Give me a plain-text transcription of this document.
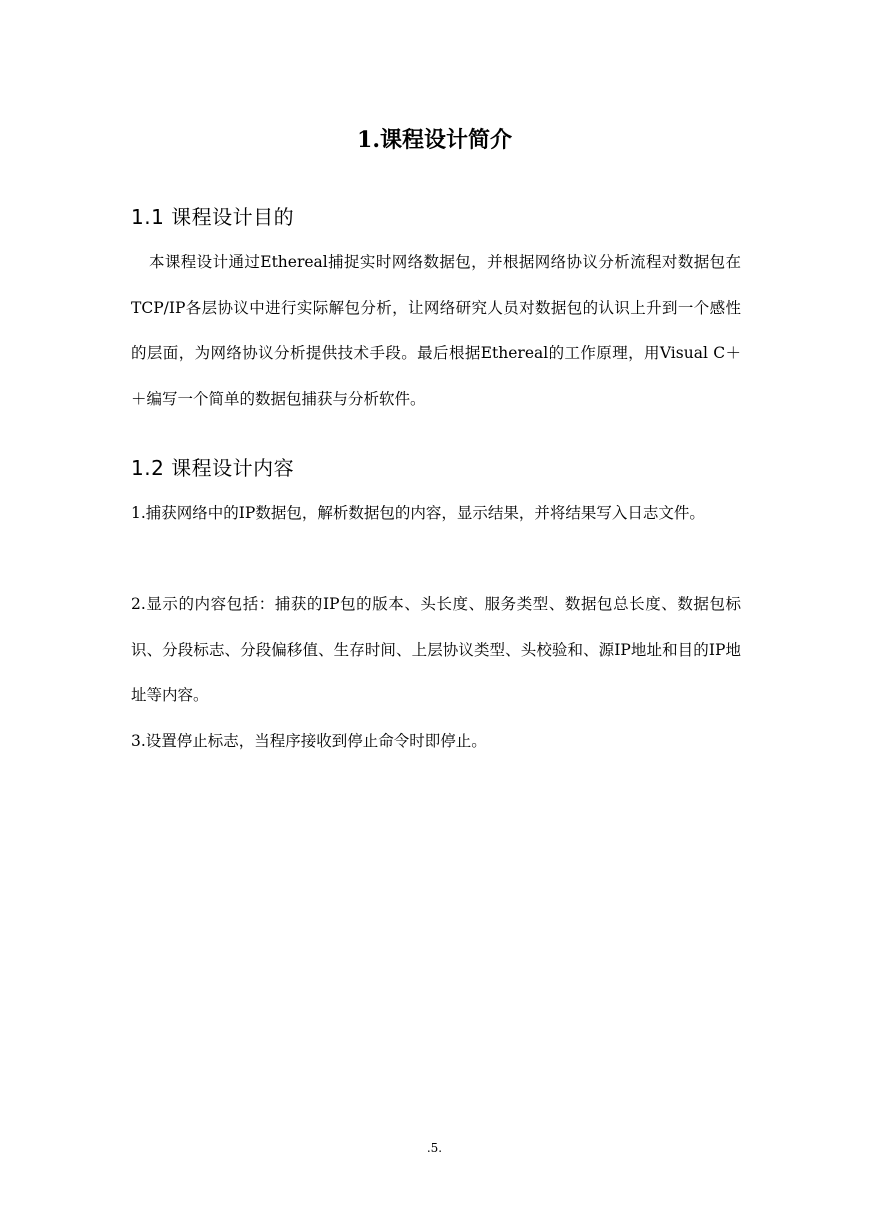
1.课程设计简介
1.1 课程设计目的

本课程设计通过Ethereal捕捉实时网络数据包，并根据网络协议分析流程对数据包在TCP/IP各层协议中进行实际解包分析，让网络研究人员对数据包的认识上升到一个感性的层面，为网络协议分析提供技术手段。最后根据Ethereal的工作原理，用Visual C＋＋编写一个简单的数据包捕获与分析软件。

1.2 课程设计内容

1.捕获网络中的IP数据包，解析数据包的内容，显示结果，并将结果写入日志文件。

2.显示的内容包括：捕获的IP包的版本、头长度、服务类型、数据包总长度、数据包标识、分段标志、分段偏移值、生存时间、上层协议类型、头校验和、源IP地址和目的IP地址等内容。

3.设置停止标志，当程序接收到停止命令时即停止。

.5.
